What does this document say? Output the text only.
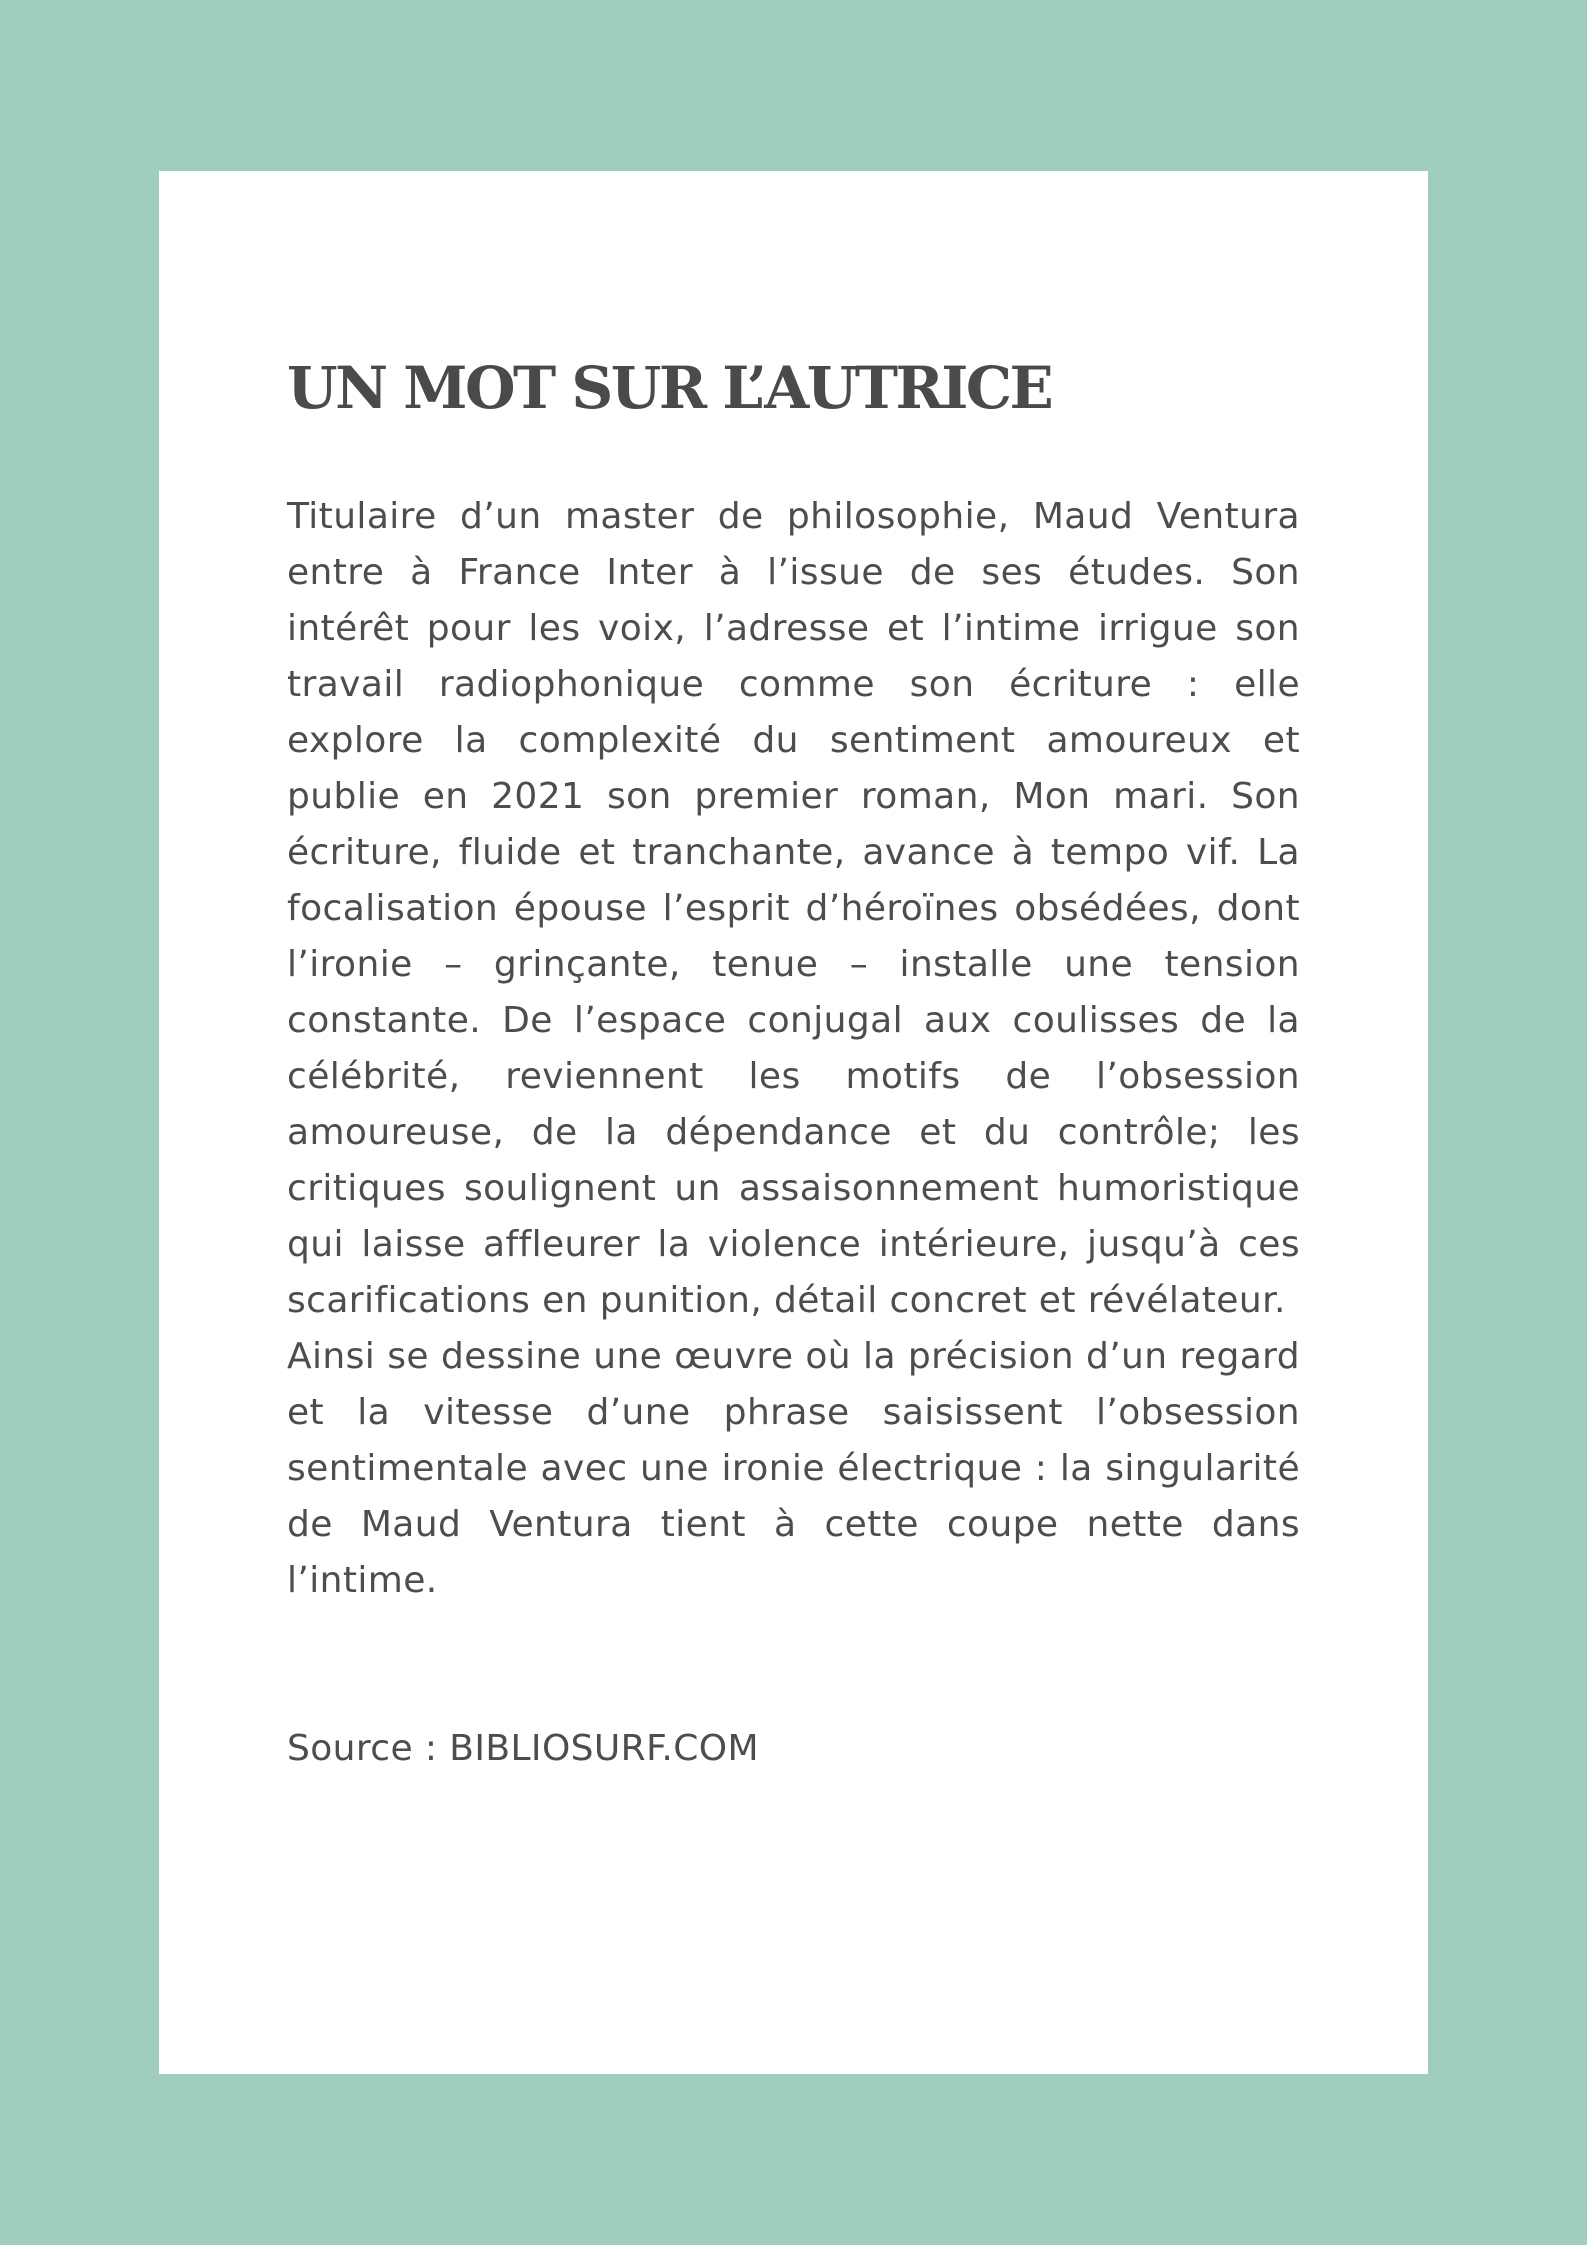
UN MOT SUR L’AUTRICE

Titulaire d’un master de philosophie, Maud Ventura entre à France Inter à l’issue de ses études. Son intérêt pour les voix, l’adresse et l’intime irrigue son travail radiophonique comme son écriture : elle explore la complexité du sentiment amoureux et publie en 2021 son premier roman, Mon mari. Son écriture, fluide et tranchante, avance à tempo vif. La focalisation épouse l’esprit d’héroïnes obsédées, dont l’ironie – grinçante, tenue – installe une tension constante. De l’espace conjugal aux coulisses de la célébrité, reviennent les motifs de l’obsession amoureuse, de la dépendance et du contrôle; les critiques soulignent un assaisonnement humoristique qui laisse affleurer la violence intérieure, jusqu’à ces scarifications en punition, détail concret et révélateur.

Ainsi se dessine une œuvre où la précision d’un regard et la vitesse d’une phrase saisissent l’obsession sentimentale avec une ironie électrique : la singularité de Maud Ventura tient à cette coupe nette dans l’intime.

Source : BIBLIOSURF.COM
